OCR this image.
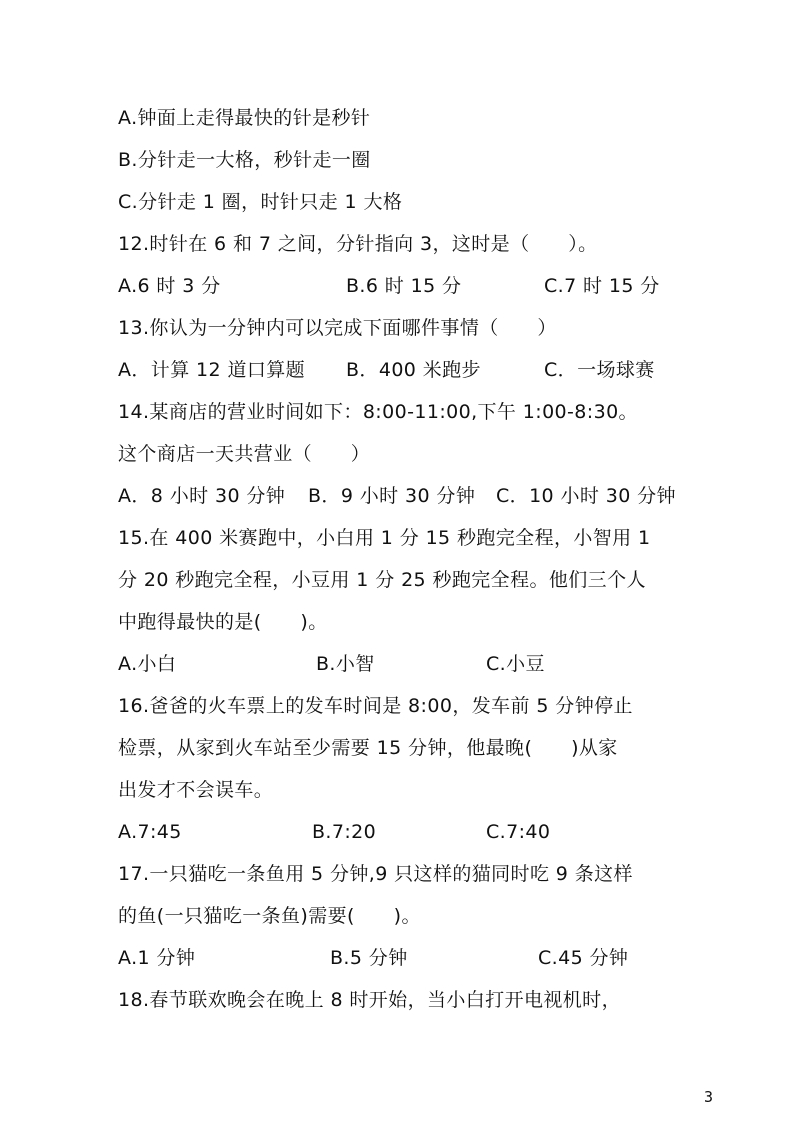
A.钟面上走得最快的针是秒针
B.分针走一大格，秒针走一圈
C.分针走 1 圈，时针只走 1 大格
12.时针在 6 和 7 之间，分针指向 3，这时是（　　）。
A.6 时 3 分	B.6 时 15 分	C.7 时 15 分
13.你认为一分钟内可以完成下面哪件事情（　　）
A．计算 12 道口算题 B．400 米跑步	C．一场球赛
14.某商店的营业时间如下：8:00-11:00,下午 1:00-8:30。
这个商店一天共营业（　　）
A．8 小时 30 分钟 B．9 小时 30 分钟 C．10 小时 30 分钟
15.在 400 米赛跑中，小白用 1 分 15 秒跑完全程，小智用 1
分 20 秒跑完全程，小豆用 1 分 25 秒跑完全程。他们三个人
中跑得最快的是(　　)。
A.小白	B.小智	C.小豆
16.爸爸的火车票上的发车时间是 8:00，发车前 5 分钟停止
检票，从家到火车站至少需要 15 分钟，他最晚(　　)从家
出发才不会误车。
A.7:45	B.7:20	C.7:40
17.一只猫吃一条鱼用 5 分钟,9 只这样的猫同时吃 9 条这样
的鱼(一只猫吃一条鱼)需要(　　)。
A.1 分钟	B.5 分钟	C.45 分钟
18.春节联欢晚会在晚上 8 时开始，当小白打开电视机时，
3
